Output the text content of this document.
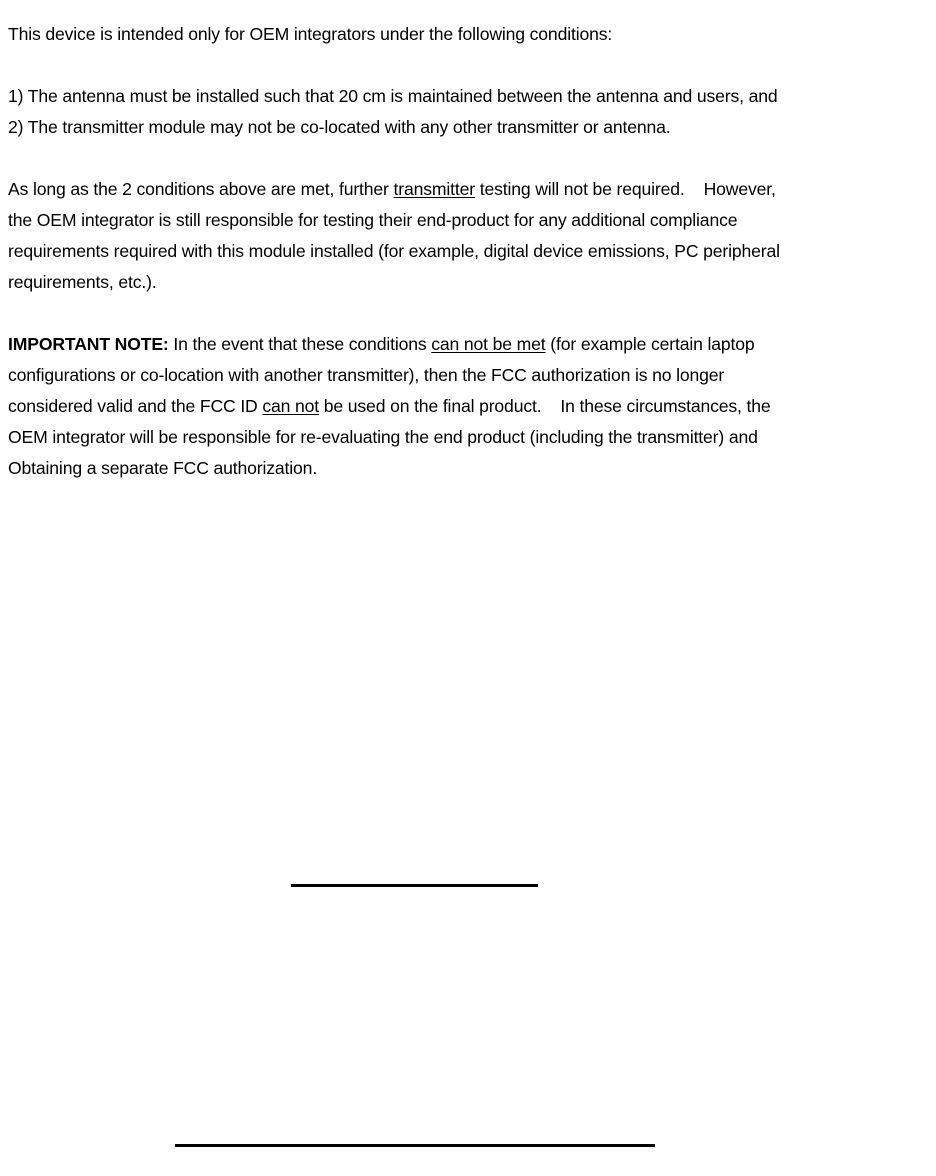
This device is intended only for OEM integrators under the following conditions:
1) The antenna must be installed such that 20 cm is maintained between the antenna and users, and
2) The transmitter module may not be co-located with any other transmitter or antenna.
As long as the 2 conditions above are met, further transmitter testing will not be required.    However,
the OEM integrator is still responsible for testing their end-product for any additional compliance
requirements required with this module installed (for example, digital device emissions, PC peripheral
requirements, etc.).
IMPORTANT NOTE: In the event that these conditions can not be met (for example certain laptop
configurations or co-location with another transmitter), then the FCC authorization is no longer
considered valid and the FCC ID can not be used on the final product.    In these circumstances, the
OEM integrator will be responsible for re-evaluating the end product (including the transmitter) and
Obtaining a separate FCC authorization.
